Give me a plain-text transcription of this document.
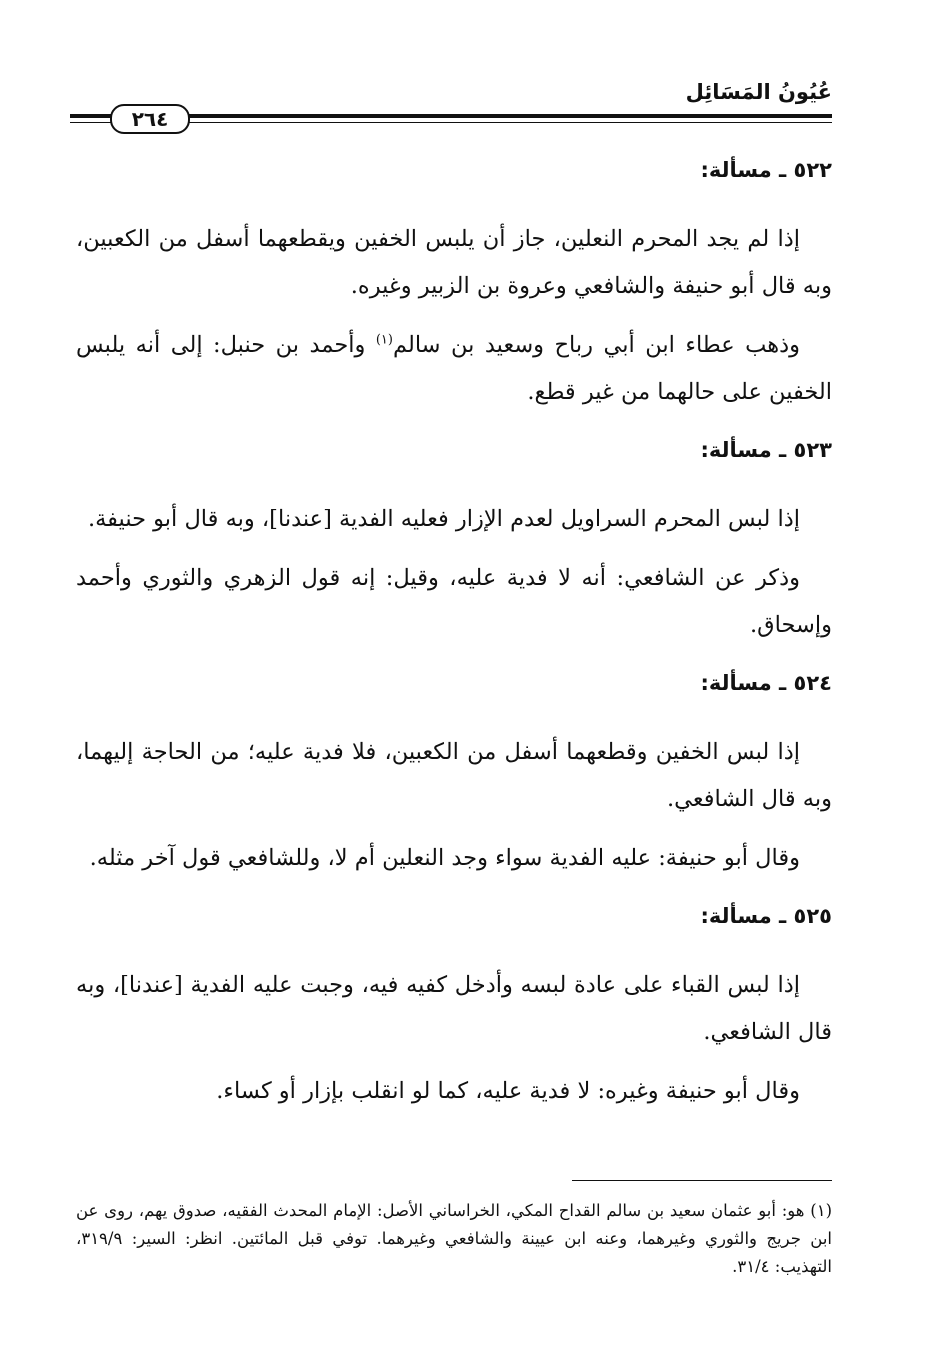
عُيُونُ المَسَائِل
٢٦٤

٥٢٢ ـ مسألة:

إذا لم يجد المحرم النعلين، جاز أن يلبس الخفين ويقطعهما أسفل من الكعبين، وبه قال أبو حنيفة والشافعي وعروة بن الزبير وغيره.

وذهب عطاء ابن أبي رباح وسعيد بن سالم$^{(١)}$ وأحمد بن حنبل: إلى أنه يلبس الخفين على حالهما من غير قطع.

٥٢٣ ـ مسألة:

إذا لبس المحرم السراويل لعدم الإزار فعليه الفدية [عندنا]، وبه قال أبو حنيفة.

وذكر عن الشافعي: أنه لا فدية عليه، وقيل: إنه قول الزهري والثوري وأحمد وإسحاق.

٥٢٤ ـ مسألة:

إذا لبس الخفين وقطعهما أسفل من الكعبين، فلا فدية عليه؛ من الحاجة إليهما، وبه قال الشافعي.

وقال أبو حنيفة: عليه الفدية سواء وجد النعلين أم لا، وللشافعي قول آخر مثله.

٥٢٥ ـ مسألة:

إذا لبس القباء على عادة لبسه وأدخل كفيه فيه، وجبت عليه الفدية [عندنا]، وبه قال الشافعي.

وقال أبو حنيفة وغيره: لا فدية عليه، كما لو انقلب بإزار أو كساء.

(١) هو: أبو عثمان سعيد بن سالم القداح المكي، الخراساني الأصل: الإمام المحدث الفقيه، صدوق يهم، روى عن ابن جريج والثوري وغيرهما، وعنه ابن عيينة والشافعي وغيرهما. توفي قبل المائتين. انظر: السير: ٣١٩/٩، التهذيب: ٣١/٤.
